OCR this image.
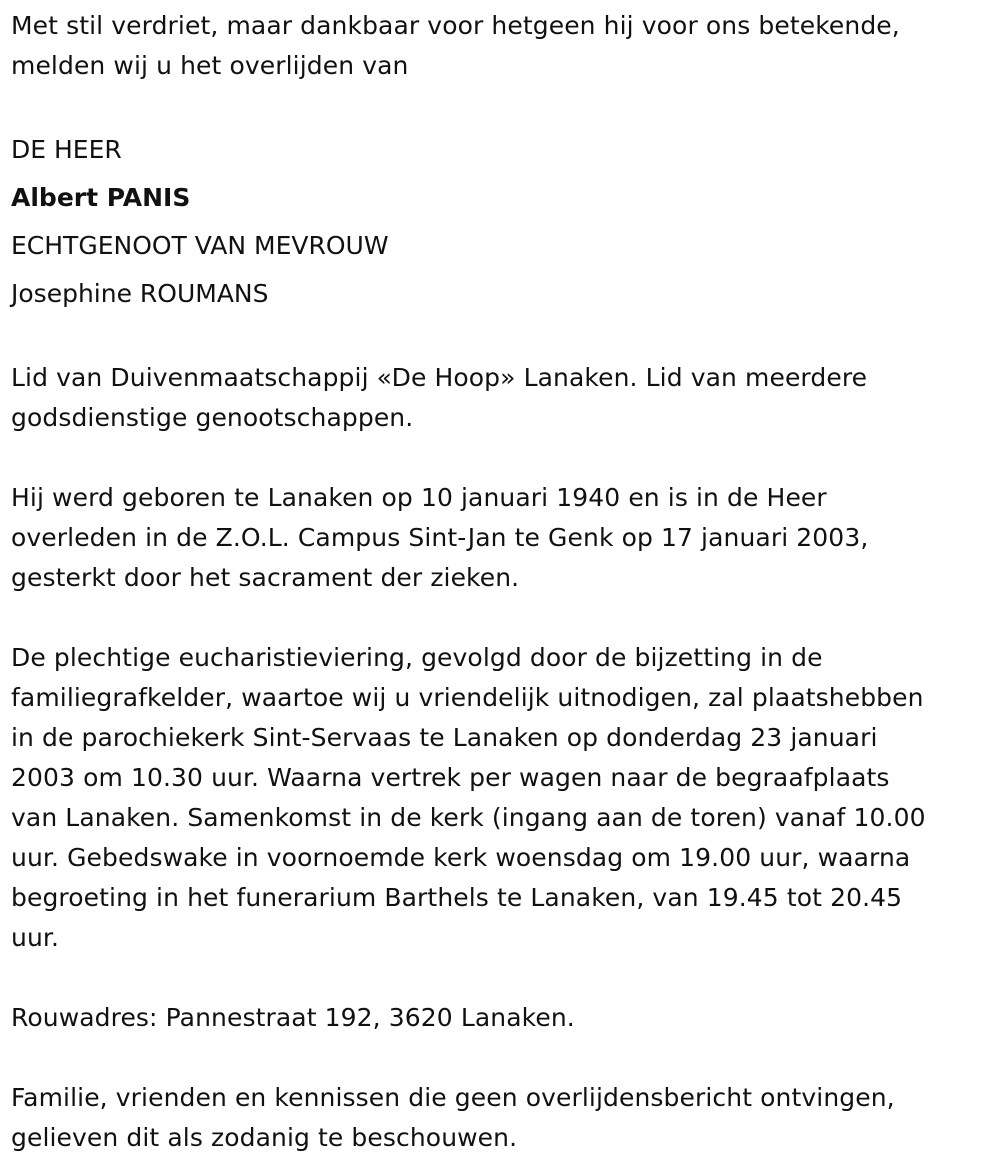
Met stil verdriet, maar dankbaar voor hetgeen hij voor ons betekende,
melden wij u het overlijden van

DE HEER
Albert PANIS
ECHTGENOOT VAN MEVROUW
Josephine ROUMANS

Lid van Duivenmaatschappij «De Hoop» Lanaken. Lid van meerdere
godsdienstige genootschappen.

Hij werd geboren te Lanaken op 10 januari 1940 en is in de Heer
overleden in de Z.O.L. Campus Sint-Jan te Genk op 17 januari 2003,
gesterkt door het sacrament der zieken.

De plechtige eucharistieviering, gevolgd door de bijzetting in de
familiegrafkelder, waartoe wij u vriendelijk uitnodigen, zal plaatshebben
in de parochiekerk Sint-Servaas te Lanaken op donderdag 23 januari
2003 om 10.30 uur. Waarna vertrek per wagen naar de begraafplaats
van Lanaken. Samenkomst in de kerk (ingang aan de toren) vanaf 10.00
uur. Gebedswake in voornoemde kerk woensdag om 19.00 uur, waarna
begroeting in het funerarium Barthels te Lanaken, van 19.45 tot 20.45
uur.

Rouwadres: Pannestraat 192, 3620 Lanaken.

Familie, vrienden en kennissen die geen overlijdensbericht ontvingen,
gelieven dit als zodanig te beschouwen.
